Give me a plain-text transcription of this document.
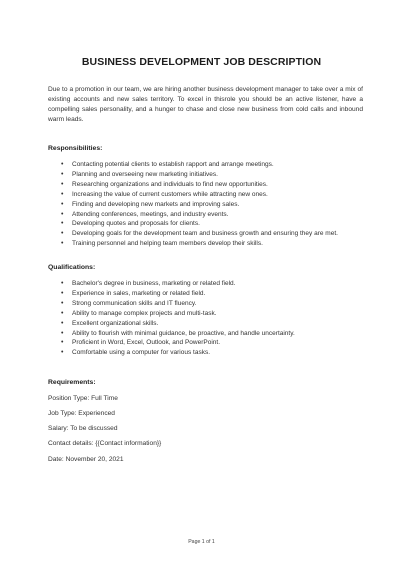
BUSINESS DEVELOPMENT JOB DESCRIPTION
Due to a promotion in our team, we are hiring another business development manager to take over a mix of existing accounts and new sales territory. To excel in thisrole you should be an active listener, have a compelling sales personality, and a hunger to chase and close new business from cold calls and inbound warm leads.
Responsibilities:
• Contacting potential clients to establish rapport and arrange meetings.
• Planning and overseeing new marketing initiatives.
• Researching organizations and individuals to find new opportunities.
• Increasing the value of current customers while attracting new ones.
• Finding and developing new markets and improving sales.
• Attending conferences, meetings, and industry events.
• Developing quotes and proposals for clients.
• Developing goals for the development team and business growth and ensuring they are met.
• Training personnel and helping team members develop their skills.
Qualifications:
• Bachelor's degree in business, marketing or related field.
• Experience in sales, marketing or related field.
• Strong communication skills and IT fluency.
• Ability to manage complex projects and multi-task.
• Excellent organizational skills.
• Ability to flourish with minimal guidance, be proactive, and handle uncertainty.
• Proficient in Word, Excel, Outlook, and PowerPoint.
• Comfortable using a computer for various tasks.
Requirements:
Position Type: Full Time
Job Type: Experienced
Salary: To be discussed
Contact details: {{Contact information}}
Date: November 20, 2021
Page 1 of 1
